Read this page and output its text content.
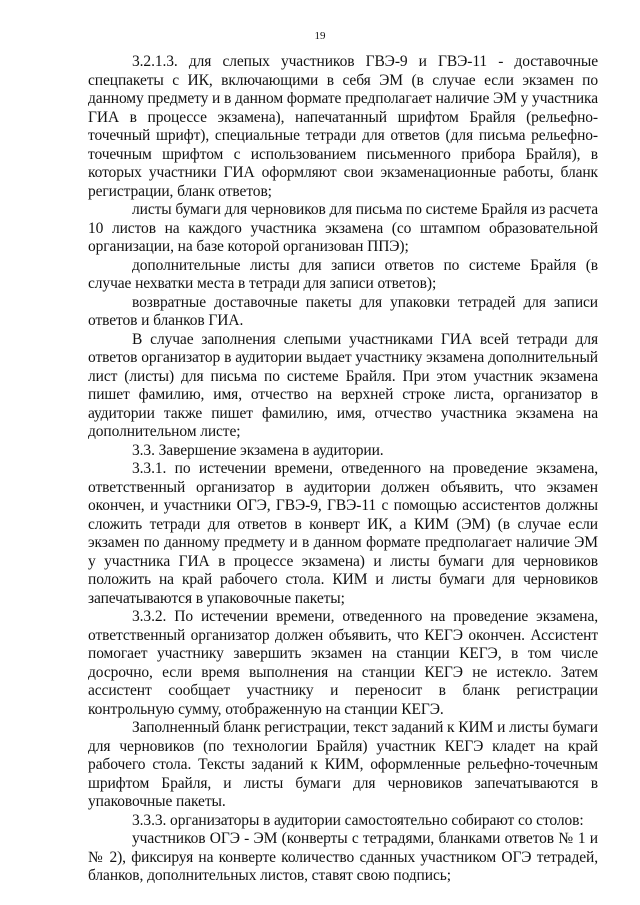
19

3.2.1.3. для слепых участников ГВЭ-9 и ГВЭ-11 - доставочные спецпакеты с ИК, включающими в себя ЭМ (в случае если экзамен по данному предмету и в данном формате предполагает наличие ЭМ у участника ГИА в процессе экзамена), напечатанный шрифтом Брайля (рельефно-точечный шрифт), специальные тетради для ответов (для письма рельефно-точечным шрифтом с использованием письменного прибора Брайля), в которых участники ГИА оформляют свои экзаменационные работы, бланк регистрации, бланк ответов;

листы бумаги для черновиков для письма по системе Брайля из расчета 10 листов на каждого участника экзамена (со штампом образовательной организации, на базе которой организован ППЭ);

дополнительные листы для записи ответов по системе Брайля (в случае нехватки места в тетради для записи ответов);

возвратные доставочные пакеты для упаковки тетрадей для записи ответов и бланков ГИА.

В случае заполнения слепыми участниками ГИА всей тетради для ответов организатор в аудитории выдает участнику экзамена дополнительный лист (листы) для письма по системе Брайля. При этом участник экзамена пишет фамилию, имя, отчество на верхней строке листа, организатор в аудитории также пишет фамилию, имя, отчество участника экзамена на дополнительном листе;

3.3. Завершение экзамена в аудитории.

3.3.1. по истечении времени, отведенного на проведение экзамена, ответственный организатор в аудитории должен объявить, что экзамен окончен, и участники ОГЭ, ГВЭ-9, ГВЭ-11 с помощью ассистентов должны сложить тетради для ответов в конверт ИК, а КИМ (ЭМ) (в случае если экзамен по данному предмету и в данном формате предполагает наличие ЭМ у участника ГИА в процессе экзамена) и листы бумаги для черновиков положить на край рабочего стола. КИМ и листы бумаги для черновиков запечатываются в упаковочные пакеты;

3.3.2. По истечении времени, отведенного на проведение экзамена, ответственный организатор должен объявить, что КЕГЭ окончен. Ассистент помогает участнику завершить экзамен на станции КЕГЭ, в том числе досрочно, если время выполнения на станции КЕГЭ не истекло. Затем ассистент сообщает участнику и переносит в бланк регистрации контрольную сумму, отображенную на станции КЕГЭ.

Заполненный бланк регистрации, текст заданий к КИМ и листы бумаги для черновиков (по технологии Брайля) участник КЕГЭ кладет на край рабочего стола. Тексты заданий к КИМ, оформленные рельефно-точечным шрифтом Брайля, и листы бумаги для черновиков запечатываются в упаковочные пакеты.

3.3.3. организаторы в аудитории самостоятельно собирают со столов:

участников ОГЭ - ЭМ (конверты с тетрадями, бланками ответов № 1 и № 2), фиксируя на конверте количество сданных участником ОГЭ тетрадей, бланков, дополнительных листов, ставят свою подпись;
